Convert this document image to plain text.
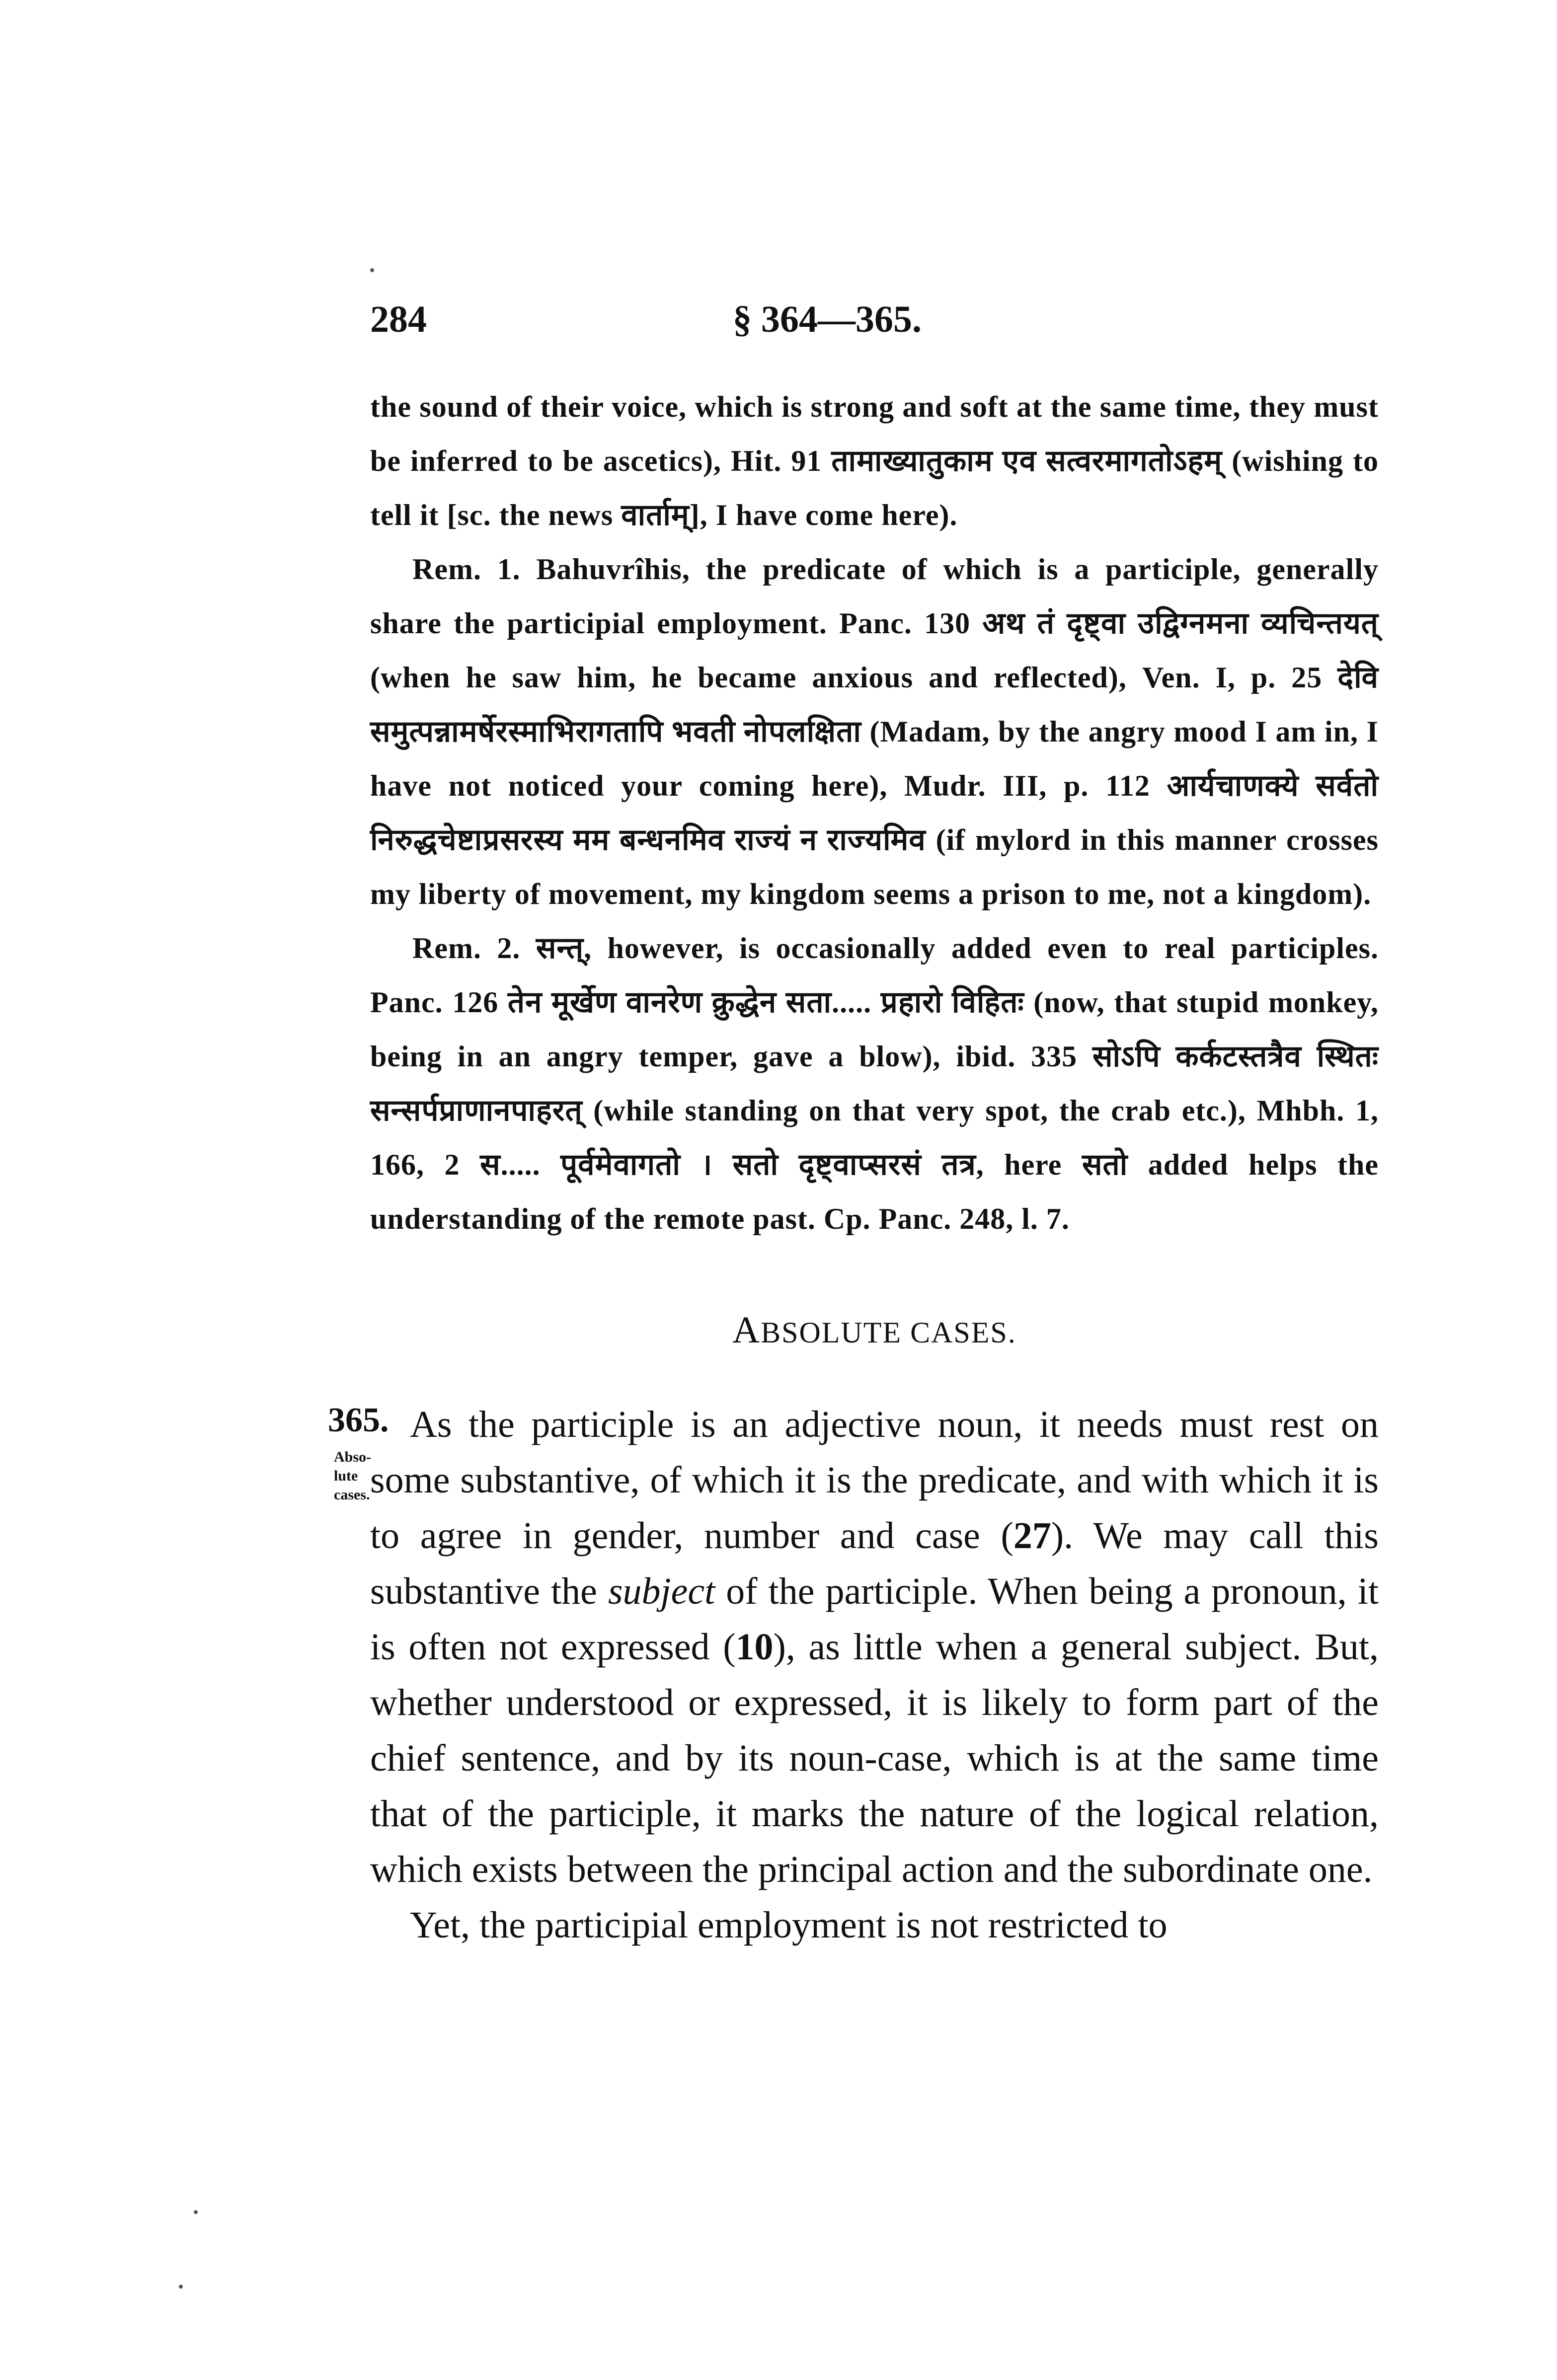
284	§ 364—365.

the sound of their voice, which is strong and soft at the same time, they must be inferred to be ascetics), Hit. 91 तामाख्यातुकाम एव सत्वरमागतोऽहम् (wishing to tell it [sc. the news वार्ताम्], I have come here).

Rem. 1. Bahuvrîhis, the predicate of which is a participle, generally share the participial employment. Panc. 130 अथ तं दृष्ट्वा उद्विग्नमना व्यचिन्तयत् (when he saw him, he became anxious and reflected), Ven. I, p. 25 देवि समुत्पन्नामर्षेरस्माभिरागतापि भवती नोपलक्षिता (Madam, by the angry mood I am in, I have not noticed your coming here), Mudr. III, p. 112 आर्यचाणक्ये सर्वतो निरुद्धचेष्टाप्रसरस्य मम बन्धनमिव राज्यं न राज्यमिव (if mylord in this manner crosses my liberty of movement, my kingdom seems a prison to me, not a kingdom).

Rem. 2. सन्त्, however, is occasionally added even to real participles. Panc. 126 तेन मूर्खेण वानरेण क्रुद्धेन सता..... प्रहारो विहितः (now, that stupid monkey, being in an angry temper, gave a blow), ibid. 335 सोऽपि कर्कटस्तत्रैव स्थितः सन्सर्पप्राणानपाहरत् (while standing on that very spot, the crab etc.), Mhbh. 1, 166, 2 स..... पूर्वमेवागतो । सतो दृष्ट्वाप्सरसं तत्र, here सतो added helps the understanding of the remote past. Cp. Panc. 248, l. 7.

ABSOLUTE CASES.
365.
Abso- lute cases.

As the participle is an adjective noun, it needs must rest on some substantive, of which it is the predicate, and with which it is to agree in gender, number and case (27). We may call this substantive the subject of the participle. When being a pronoun, it is often not expressed (10), as little when a general subject. But, whether understood or expressed, it is likely to form part of the chief sentence, and by its noun-case, which is at the same time that of the participle, it marks the nature of the logical relation, which exists between the principal action and the subordinate one.

Yet, the participial employment is not restricted to
